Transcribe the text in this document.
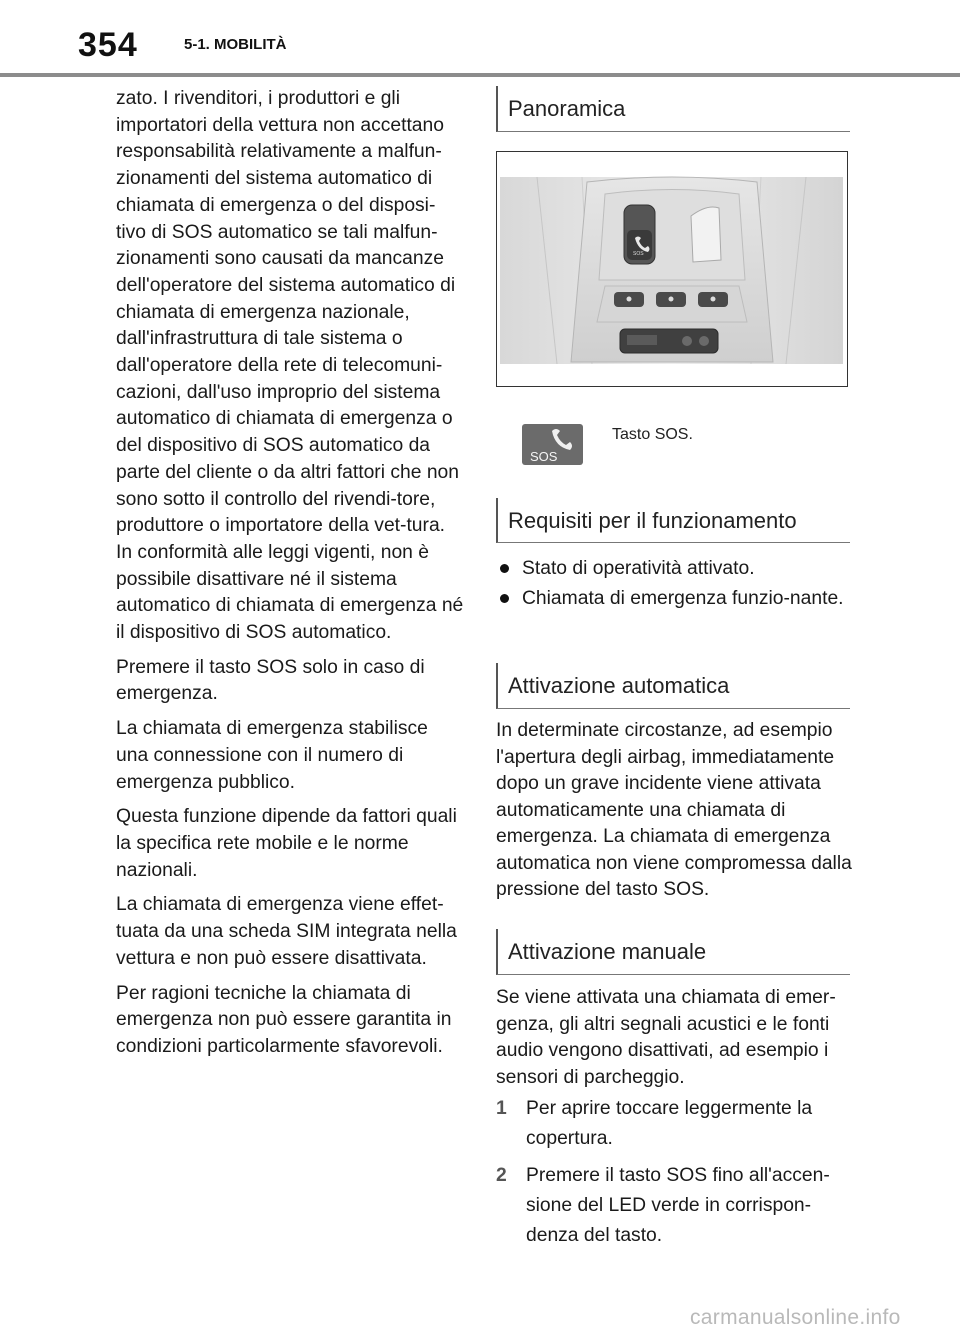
354	5-1. MOBILITÀ

zato. I rivenditori, i produttori e gli importatori della vettura non accettano responsabilità relativamente a malfun-zionamenti del sistema automatico di chiamata di emergenza o del disposi-tivo di SOS automatico se tali malfun-zionamenti sono causati da mancanze dell'operatore del sistema automatico di chiamata di emergenza nazionale, dall'infrastruttura di tale sistema o dall'operatore della rete di telecomuni-cazioni, dall'uso improprio del sistema automatico di chiamata di emergenza o del dispositivo di SOS automatico da parte del cliente o da altri fattori che non sono sotto il controllo del rivendi-tore, produttore o importatore della vet-tura. In conformità alle leggi vigenti, non è possibile disattivare né il sistema automatico di chiamata di emergenza né il dispositivo di SOS automatico.

Premere il tasto SOS solo in caso di emergenza.

La chiamata di emergenza stabilisce una connessione con il numero di emergenza pubblico.

Questa funzione dipende da fattori quali la specifica rete mobile e le norme nazionali.

La chiamata di emergenza viene effet-tuata da una scheda SIM integrata nella vettura e non può essere disattivata.

Per ragioni tecniche la chiamata di emergenza non può essere garantita in condizioni particolarmente sfavorevoli.

Panoramica
SOS
SOS
Tasto SOS.
Requisiti per il funzionamento
Stato di operatività attivato.
Chiamata di emergenza funzio-nante.
Attivazione automatica

In determinate circostanze, ad esempio l'apertura degli airbag, immediatamente dopo un grave incidente viene attivata automaticamente una chiamata di emergenza. La chiamata di emergenza automatica non viene compromessa dalla pressione del tasto SOS.

Attivazione manuale

Se viene attivata una chiamata di emer-genza, gli altri segnali acustici e le fonti audio vengono disattivati, ad esempio i sensori di parcheggio.

1 Per aprire toccare leggermente la copertura.
2 Premere il tasto SOS fino all'accen-sione del LED verde in corrispon-denza del tasto.
carmanualsonline.info
